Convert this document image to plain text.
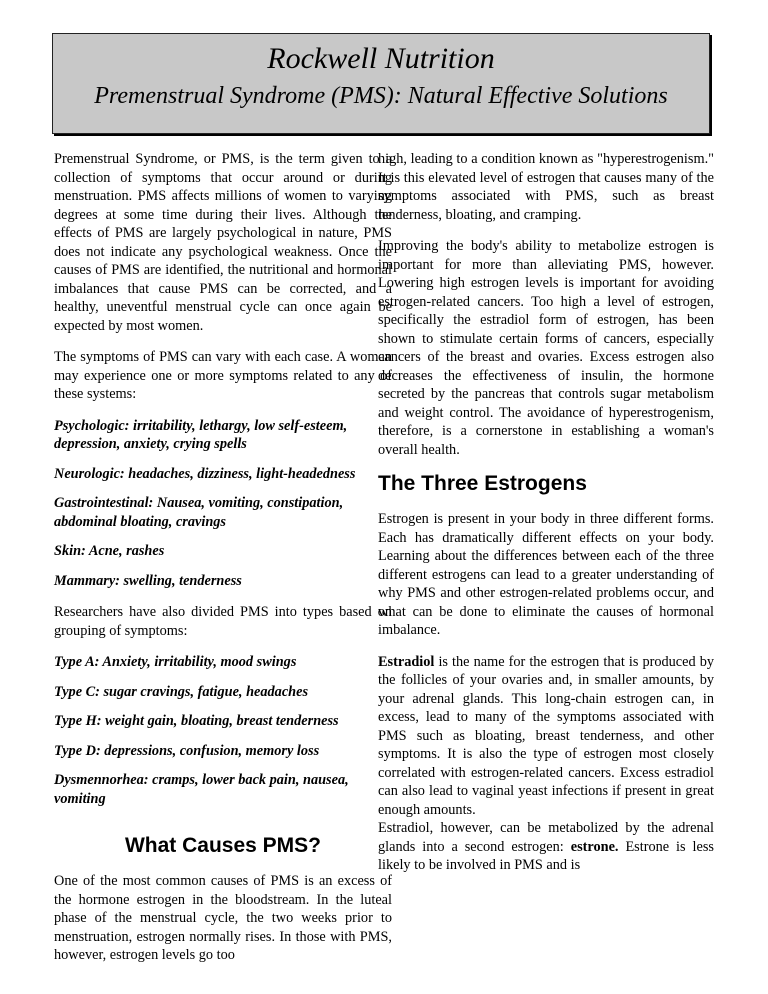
Rockwell Nutrition
Premenstrual Syndrome (PMS): Natural Effective Solutions

Premenstrual Syndrome, or PMS, is the term given to a collection of symptoms that occur around or during menstruation. PMS affects millions of women to varying degrees at some time during their lives. Although the effects of PMS are largely psychological in nature, PMS does not indicate any psychological weakness. Once the causes of PMS are identified, the nutritional and hormonal imbalances that cause PMS can be corrected, and a healthy, uneventful menstrual cycle can once again be expected by most women.

The symptoms of PMS can vary with each case. A woman may experience one or more symptoms related to any of these systems:

Psychologic: irritability, lethargy, low self-esteem, depression, anxiety, crying spells

Neurologic: headaches, dizziness, light-headedness

Gastrointestinal: Nausea, vomiting, constipation, abdominal bloating, cravings

Skin: Acne, rashes

Mammary: swelling, tenderness

Researchers have also divided PMS into types based on grouping of symptoms:

Type A: Anxiety, irritability, mood swings

Type C: sugar cravings, fatigue, headaches

Type H: weight gain, bloating, breast tenderness

Type D: depressions, confusion, memory loss

Dysmennorhea: cramps, lower back pain, nausea, vomiting

What Causes PMS?

One of the most common causes of PMS is an excess of the hormone estrogen in the bloodstream. In the luteal phase of the menstrual cycle, the two weeks prior to menstruation, estrogen normally rises. In those with PMS, however, estrogen levels go too

high, leading to a condition known as "hyperestrogenism." It is this elevated level of estrogen that causes many of the symptoms associated with PMS, such as breast tenderness, bloating, and cramping.

Improving the body's ability to metabolize estrogen is important for more than alleviating PMS, however. Lowering high estrogen levels is important for avoiding estrogen-related cancers. Too high a level of estrogen, specifically the estradiol form of estrogen, has been shown to stimulate certain forms of cancers, especially cancers of the breast and ovaries. Excess estrogen also decreases the effectiveness of insulin, the hormone secreted by the pancreas that controls sugar metabolism and weight control. The avoidance of hyperestrogenism, therefore, is a cornerstone in establishing a woman's overall health.

The Three Estrogens

Estrogen is present in your body in three different forms. Each has dramatically different effects on your body. Learning about the differences between each of the three different estrogens can lead to a greater understanding of why PMS and other estrogen-related problems occur, and what can be done to eliminate the causes of hormonal imbalance.

Estradiol is the name for the estrogen that is produced by the follicles of your ovaries and, in smaller amounts, by your adrenal glands. This long-chain estrogen can, in excess, lead to many of the symptoms associated with PMS such as bloating, breast tenderness, and other symptoms. It is also the type of estrogen most closely correlated with estrogen-related cancers. Excess estradiol can also lead to vaginal yeast infections if present in great enough amounts.

Estradiol, however, can be metabolized by the adrenal glands into a second estrogen: estrone. Estrone is less likely to be involved in PMS and is
